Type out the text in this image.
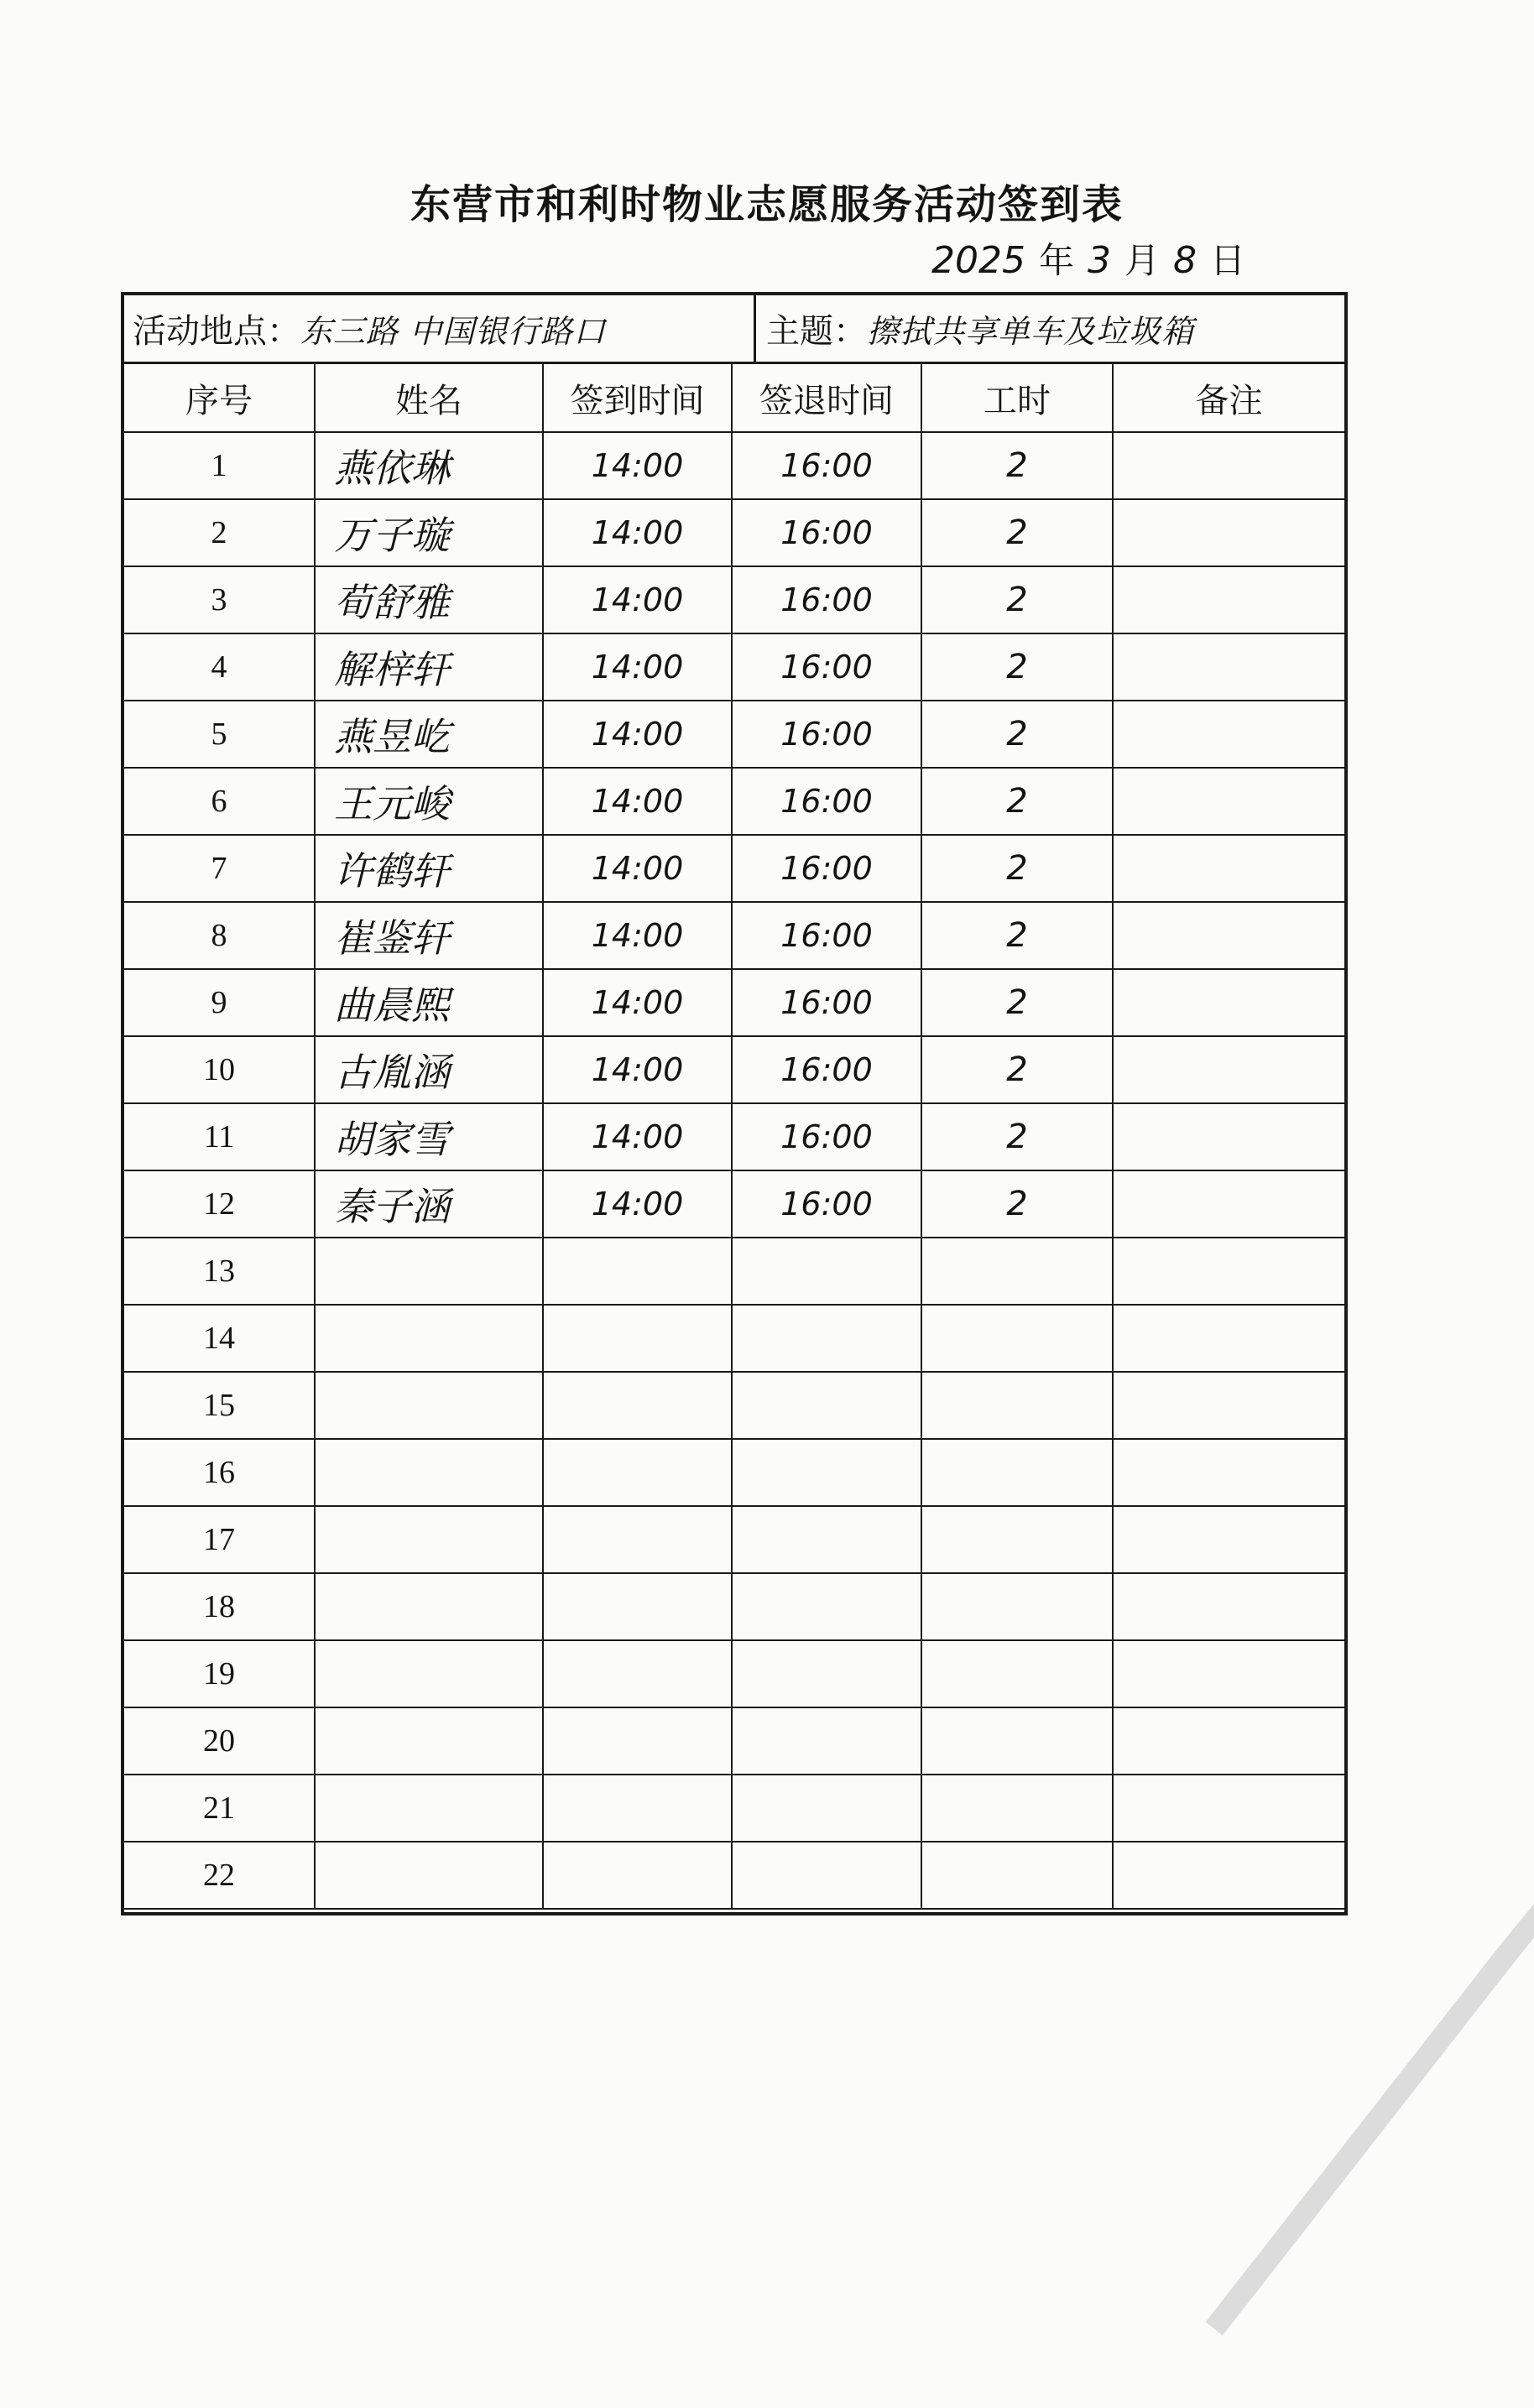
东营市和利时物业志愿服务活动签到表
2025 年 3 月 8 日
活动地点： 东三路 中国银行路口	主题： 擦拭共享单车及垃圾箱
序号	姓名	签到时间	签退时间	工时	备注
1	燕依琳	14:00	16:00	2	
2	万子璇	14:00	16:00	2	
3	荀舒雅	14:00	16:00	2	
4	解梓轩	14:00	16:00	2	
5	燕昱屹	14:00	16:00	2	
6	王元峻	14:00	16:00	2	
7	许鹤轩	14:00	16:00	2	
8	崔鉴轩	14:00	16:00	2	
9	曲晨熙	14:00	16:00	2	
10	古胤涵	14:00	16:00	2	
11	胡家雪	14:00	16:00	2	
12	秦子涵	14:00	16:00	2	
13					
14					
15					
16					
17					
18					
19					
20					
21					
22					
